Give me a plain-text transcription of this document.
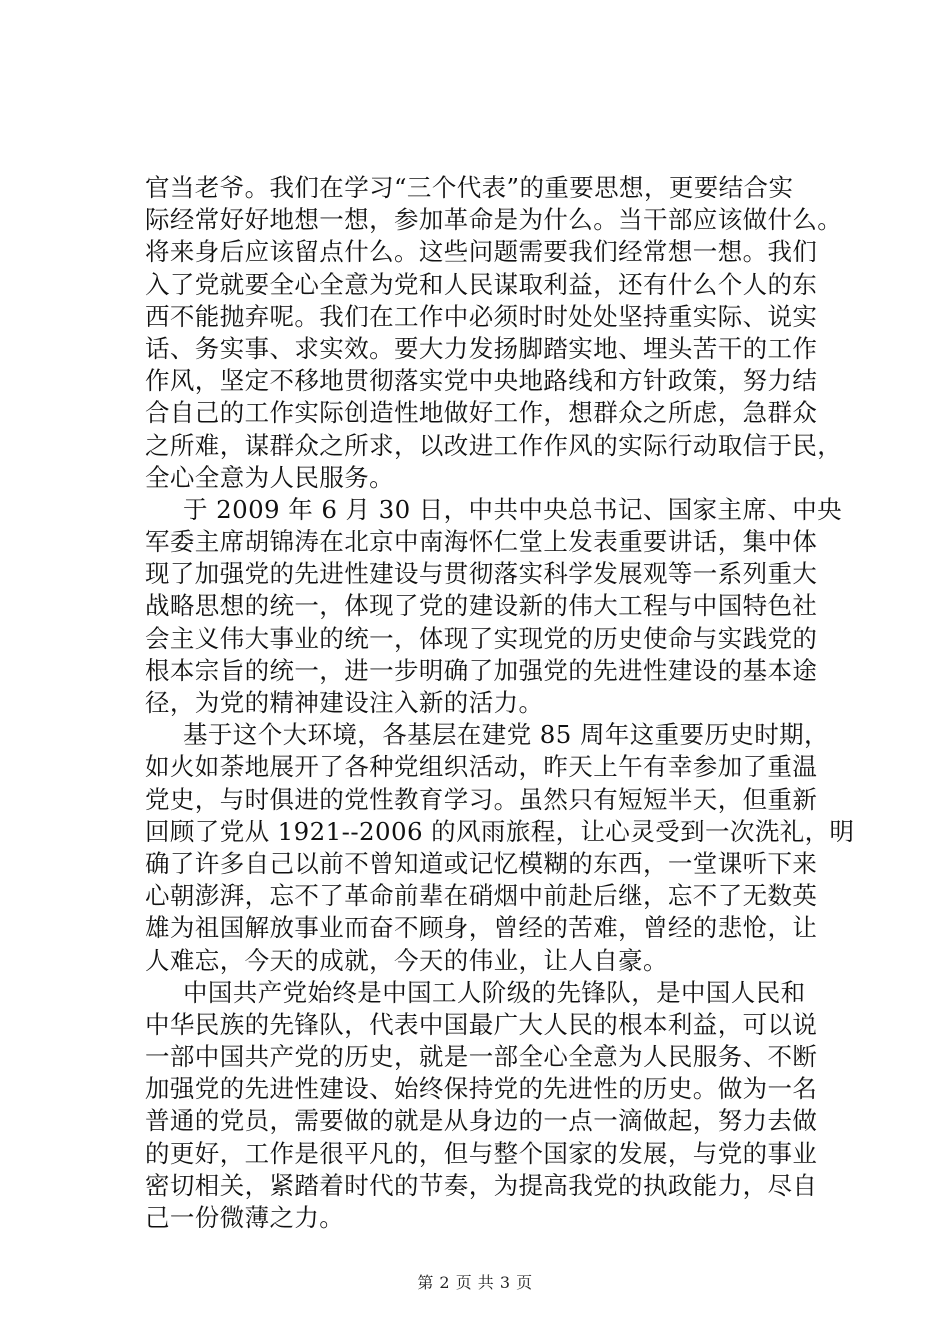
官当老爷。我们在学习“三个代表”的重要思想，更要结合实
际经常好好地想一想，参加革命是为什么。当干部应该做什么。
将来身后应该留点什么。这些问题需要我们经常想一想。我们
入了党就要全心全意为党和人民谋取利益，还有什么个人的东
西不能抛弃呢。我们在工作中必须时时处处坚持重实际、说实
话、务实事、求实效。要大力发扬脚踏实地、埋头苦干的工作
作风，坚定不移地贯彻落实党中央地路线和方针政策，努力结
合自己的工作实际创造性地做好工作，想群众之所虑，急群众
之所难，谋群众之所求，以改进工作作风的实际行动取信于民，
全心全意为人民服务。
于 2009 年 6 月 30 日，中共中央总书记、国家主席、中央
军委主席胡锦涛在北京中南海怀仁堂上发表重要讲话，集中体
现了加强党的先进性建设与贯彻落实科学发展观等一系列重大
战略思想的统一，体现了党的建设新的伟大工程与中国特色社
会主义伟大事业的统一，体现了实现党的历史使命与实践党的
根本宗旨的统一，进一步明确了加强党的先进性建设的基本途
径，为党的精神建设注入新的活力。
基于这个大环境，各基层在建党 85 周年这重要历史时期，
如火如荼地展开了各种党组织活动，昨天上午有幸参加了重温
党史，与时俱进的党性教育学习。虽然只有短短半天，但重新
回顾了党从 1921--2006 的风雨旅程，让心灵受到一次洗礼，明
确了许多自己以前不曾知道或记忆模糊的东西，一堂课听下来
心朝澎湃，忘不了革命前辈在硝烟中前赴后继，忘不了无数英
雄为祖国解放事业而奋不顾身，曾经的苦难，曾经的悲怆，让
人难忘，今天的成就，今天的伟业，让人自豪。
中国共产党始终是中国工人阶级的先锋队，是中国人民和
中华民族的先锋队，代表中国最广大人民的根本利益，可以说
一部中国共产党的历史，就是一部全心全意为人民服务、不断
加强党的先进性建设、始终保持党的先进性的历史。做为一名
普通的党员，需要做的就是从身边的一点一滴做起，努力去做
的更好，工作是很平凡的，但与整个国家的发展，与党的事业
密切相关，紧踏着时代的节奏，为提高我党的执政能力，尽自
己一份微薄之力。
第 2 页 共 3 页
